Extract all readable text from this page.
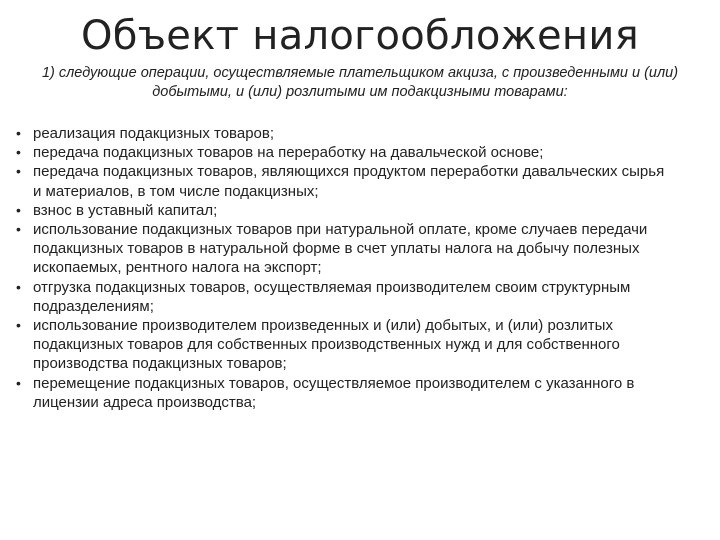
Объект налогообложения
1) следующие операции, осуществляемые плательщиком акциза, с произведенными и (или) добытыми, и (или) розлитыми им подакцизными товарами:
• реализация подакцизных товаров;
• передача подакцизных товаров на переработку на давальческой основе;
• передача подакцизных товаров, являющихся продуктом переработки давальческих сырья и материалов, в том числе подакцизных;
• взнос в уставный капитал;
• использование подакцизных товаров при натуральной оплате, кроме случаев передачи подакцизных товаров в натуральной форме в счет уплаты налога на добычу полезных ископаемых, рентного налога на экспорт;
• отгрузка подакцизных товаров, осуществляемая производителем своим структурным подразделениям;
• использование производителем произведенных и (или) добытых, и (или) розлитых подакцизных товаров для собственных производственных нужд и для собственного производства подакцизных товаров;
• перемещение подакцизных товаров, осуществляемое производителем с указанного в лицензии адреса производства;
